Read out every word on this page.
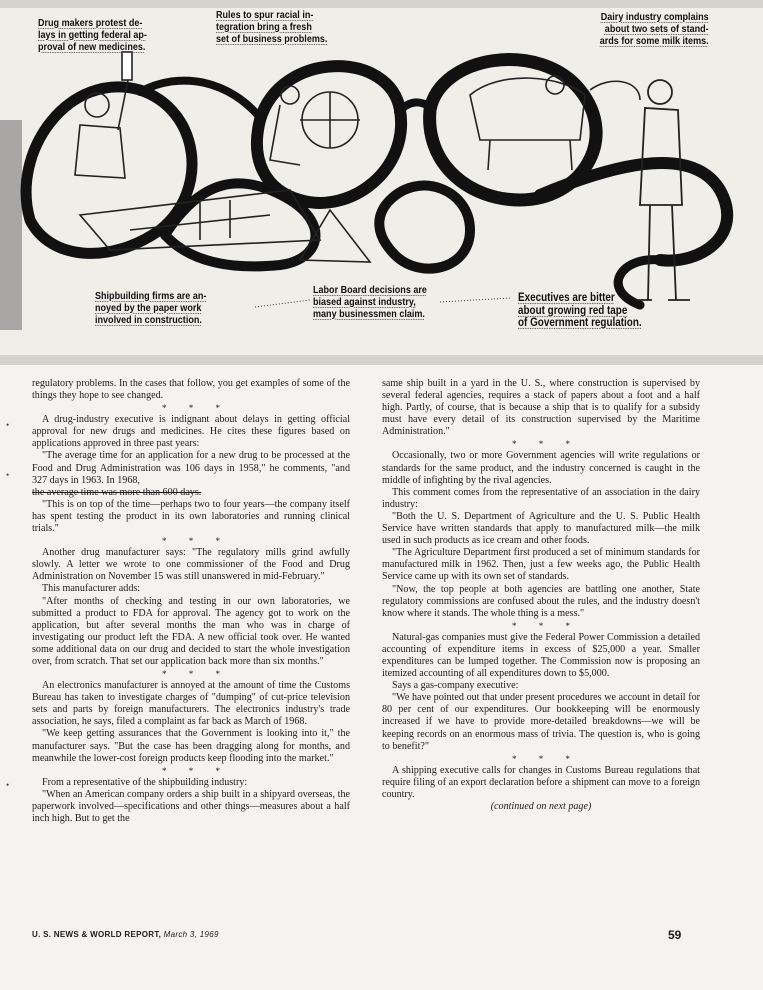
Drug makers protest de-
lays in getting federal ap-
proval of new medicines.
Rules to spur racial in-
tegration bring a fresh
set of business problems.
Dairy industry complains
about two sets of stand-
ards for some milk items.
Shipbuilding firms are an-
noyed by the paper work
involved in construction.
Labor Board decisions are
biased against industry,
many businessmen claim.
Executives are bitter
about growing red tape
of Government regulation.

regulatory problems. In the cases that follow, you get examples of some of the things they hope to see changed.

* * *

A drug-industry executive is indignant about delays in getting official approval for new drugs and medicines. He cites these figures based on applications approved in three past years:

"The average time for an application for a new drug to be processed at the Food and Drug Administration was 106 days in 1958," he comments, "and 327 days in 1963. In 1968,

the average time was more than 600 days.

"This is on top of the time—perhaps two to four years—the company itself has spent testing the product in its own laboratories and running clinical trials."

* * *

Another drug manufacturer says: "The regulatory mills grind awfully slowly. A letter we wrote to one commissioner of the Food and Drug Administration on November 15 was still unanswered in mid-February."

This manufacturer adds:

"After months of checking and testing in our own laboratories, we submitted a product to FDA for approval. The agency got to work on the application, but after several months the man who was in charge of investigating our product left the FDA. A new official took over. He wanted some additional data on our drug and decided to start the whole investigation over, from scratch. That set our application back more than six months."

* * *

An electronics manufacturer is annoyed at the amount of time the Customs Bureau has taken to investigate charges of "dumping" of cut-price television sets and parts by foreign manufacturers. The electronics industry's trade association, he says, filed a complaint as far back as March of 1968.

"We keep getting assurances that the Government is looking into it," the manufacturer says. "But the case has been dragging along for months, and meanwhile the lower-cost foreign products keep flooding into the market."

* * *

From a representative of the shipbuilding industry:

"When an American company orders a ship built in a shipyard overseas, the paperwork involved—specifications and other things—measures about a half inch high. But to get the

same ship built in a yard in the U. S., where construction is supervised by several federal agencies, requires a stack of papers about a foot and a half high. Partly, of course, that is because a ship that is to qualify for a subsidy must have every detail of its construction supervised by the Maritime Administration."

* * *

Occasionally, two or more Government agencies will write regulations or standards for the same product, and the industry concerned is caught in the middle of infighting by the rival agencies.

This comment comes from the representative of an association in the dairy industry:

"Both the U. S. Department of Agriculture and the U. S. Public Health Service have written standards that apply to manufactured milk—the milk used in such products as ice cream and other foods.

"The Agriculture Department first produced a set of minimum standards for manufactured milk in 1962. Then, just a few weeks ago, the Public Health Service came up with its own set of standards.

"Now, the top people at both agencies are battling one another, State regulatory commissions are confused about the rules, and the industry doesn't know where it stands. The whole thing is a mess."

* * *

Natural-gas companies must give the Federal Power Commission a detailed accounting of expenditure items in excess of $25,000 a year. Smaller expenditures can be lumped together. The Commission now is proposing an itemized accounting of all expenditures down to $5,000.

Says a gas-company executive:

"We have pointed out that under present procedures we account in detail for 80 per cent of our expenditures. Our bookkeeping will be enormously increased if we have to provide more-detailed breakdowns—we will be keeping records on an enormous mass of trivia. The question is, who is going to benefit?"

* * *

A shipping executive calls for changes in Customs Bureau regulations that require filing of an export declaration before a shipment can move to a foreign country.

(continued on next page)

U. S. NEWS & WORLD REPORT, March 3, 1969	59
•
•
•
